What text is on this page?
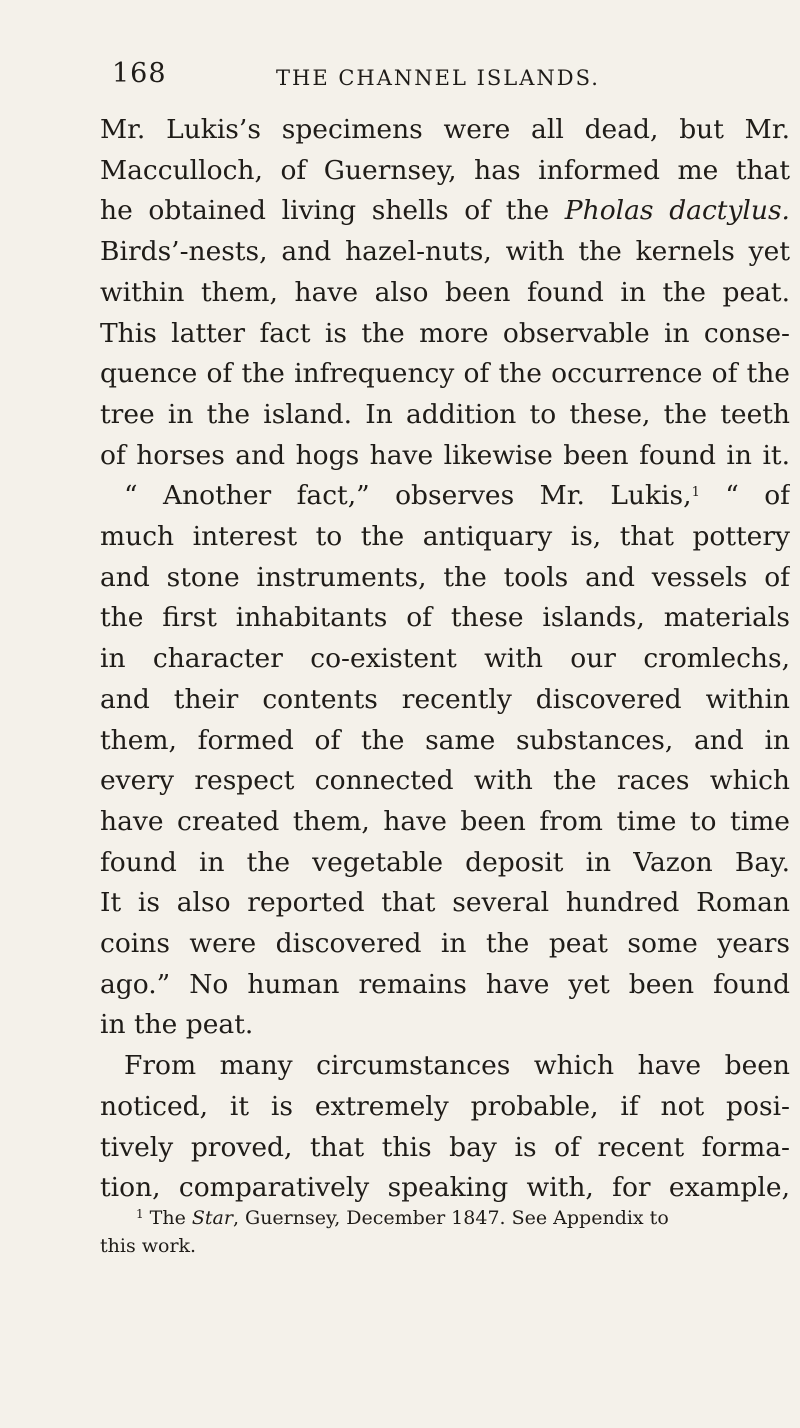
168	THE CHANNEL ISLANDS.
Mr. Lukis’s specimens were all dead, but Mr.
Macculloch, of Guernsey, has informed me that
he obtained living shells of the Pholas dactylus.
Birds’-nests, and hazel-nuts, with the kernels yet
within them, have also been found in the peat.
This latter fact is the more observable in conse-
quence of the infrequency of the occurrence of the
tree in the island. In addition to these, the teeth
of horses and hogs have likewise been found in it.
“ Another fact,” observes Mr. Lukis,$^1$ “ of
much interest to the antiquary is, that pottery
and stone instruments, the tools and vessels of
the first inhabitants of these islands, materials
in character co-existent with our cromlechs,
and their contents recently discovered within
them, formed of the same substances, and in
every respect connected with the races which
have created them, have been from time to time
found in the vegetable deposit in Vazon Bay.
It is also reported that several hundred Roman
coins were discovered in the peat some years
ago.” No human remains have yet been found
in the peat.
From many circumstances which have been
noticed, it is extremely probable, if not posi-
tively proved, that this bay is of recent forma-
tion, comparatively speaking with, for example,
$^1$ The Star, Guernsey, December 1847. See Appendix to
this work.
